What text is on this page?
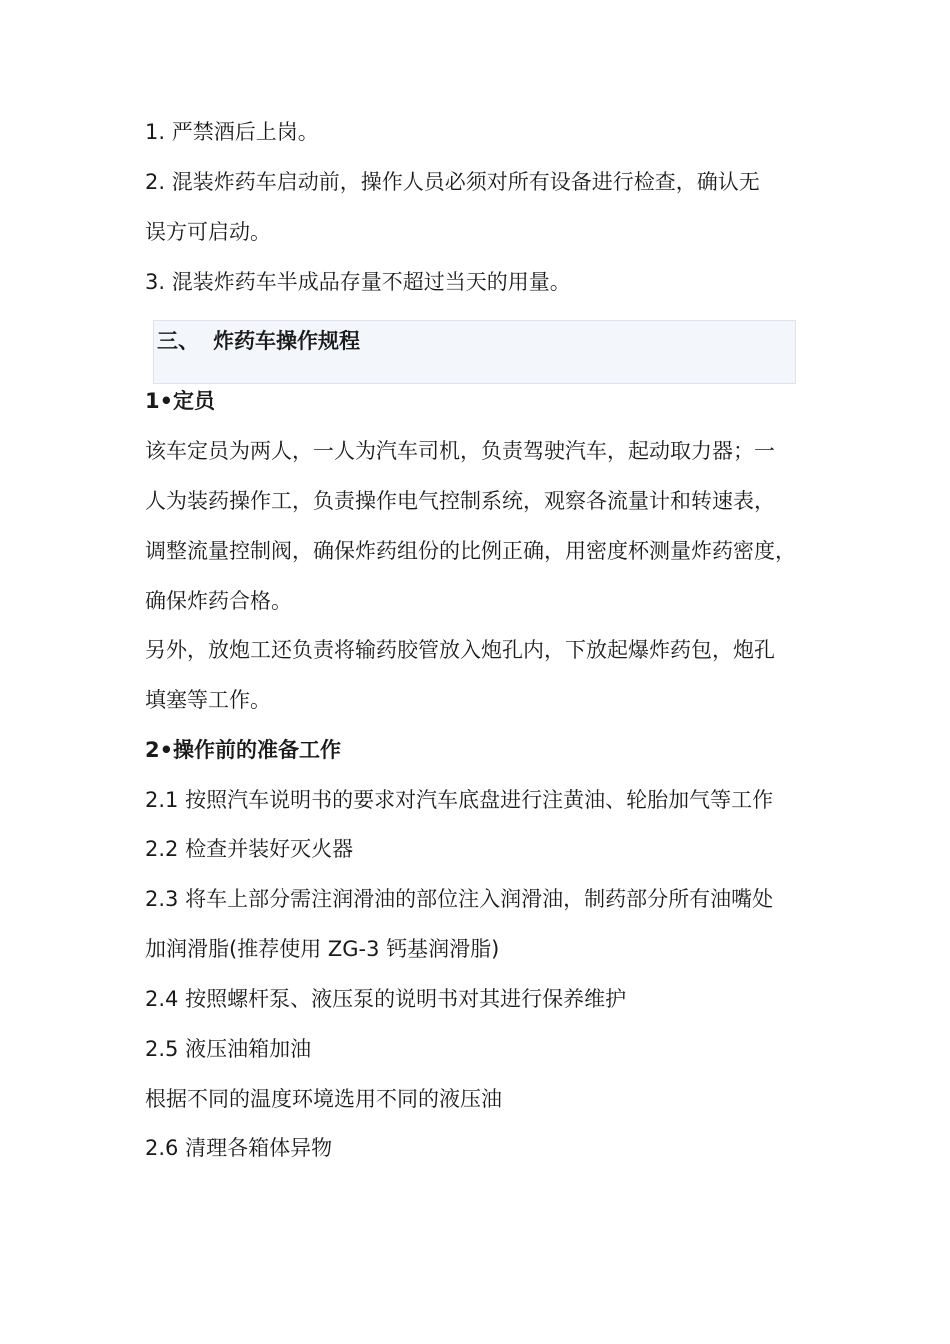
1. 严禁酒后上岗。
2. 混装炸药车启动前，操作人员必须对所有设备进行检查，确认无
误方可启动。
3. 混装炸药车半成品存量不超过当天的用量。
三、 炸药车操作规程
1•定员
该车定员为两人，一人为汽车司机，负责驾驶汽车，起动取力器；一
人为装药操作工，负责操作电气控制系统，观察各流量计和转速表，
调整流量控制阀，确保炸药组份的比例正确，用密度杯测量炸药密度，
确保炸药合格。
另外，放炮工还负责将输药胶管放入炮孔内，下放起爆炸药包，炮孔
填塞等工作。
2•操作前的准备工作
2.1 按照汽车说明书的要求对汽车底盘进行注黄油、轮胎加气等工作
2.2 检查并装好灭火器
2.3 将车上部分需注润滑油的部位注入润滑油，制药部分所有油嘴处
加润滑脂(推荐使用 ZG-3 钙基润滑脂)
2.4 按照螺杆泵、液压泵的说明书对其进行保养维护
2.5 液压油箱加油
根据不同的温度环境选用不同的液压油
2.6 清理各箱体异物
